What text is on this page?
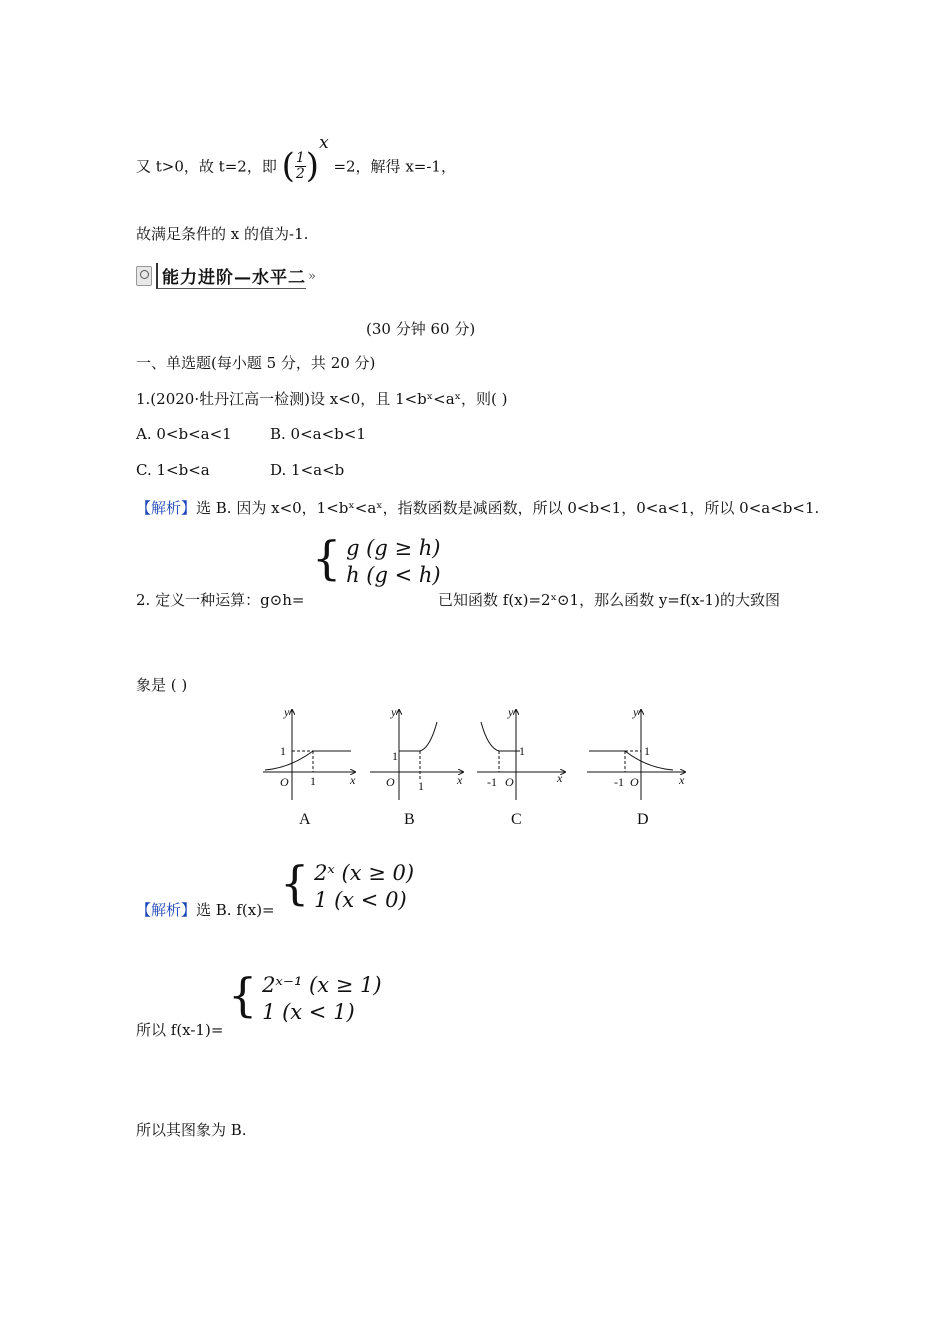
又 t>0，故 t=2，即 ( $\frac{1}{2} )^x =2$，解得 x=-1，
故满足条件的 x 的值为-1.
能力进阶—水平二 »
(30 分钟 60 分)
一、单选题(每小题 5 分，共 20 分)
1.(2020·牡丹江高一检测)设 x<0，且 1<bˣ<aˣ，则( )
A. 0<b<a<1	B. 0<a<b<1
C. 1<b<a	D. 1<a<b
【解析】选 B. 因为 x<0，1<bˣ<aˣ，指数函数是减函数，所以 0<b<1，0<a<1，所以 0<a<b<1.
{ g (g ≥ h)
h (g < h)
2. 定义一种运算：g⊙h=	已知函数 f(x)=2ˣ⊙1，那么函数 y=f(x-1)的大致图
象是 ( )
1
1
O	x
y
1
1
O	x
y
1
-1 O	x
y
1
-1 O	x
y
A	B	C	D
{ 2ˣ (x ≥ 0)
1 (x < 0)
【解析】选 B. f(x)=
{ 2ˣ⁻¹ (x ≥ 1)
1 (x < 1)
所以 f(x-1)=
所以其图象为 B.
